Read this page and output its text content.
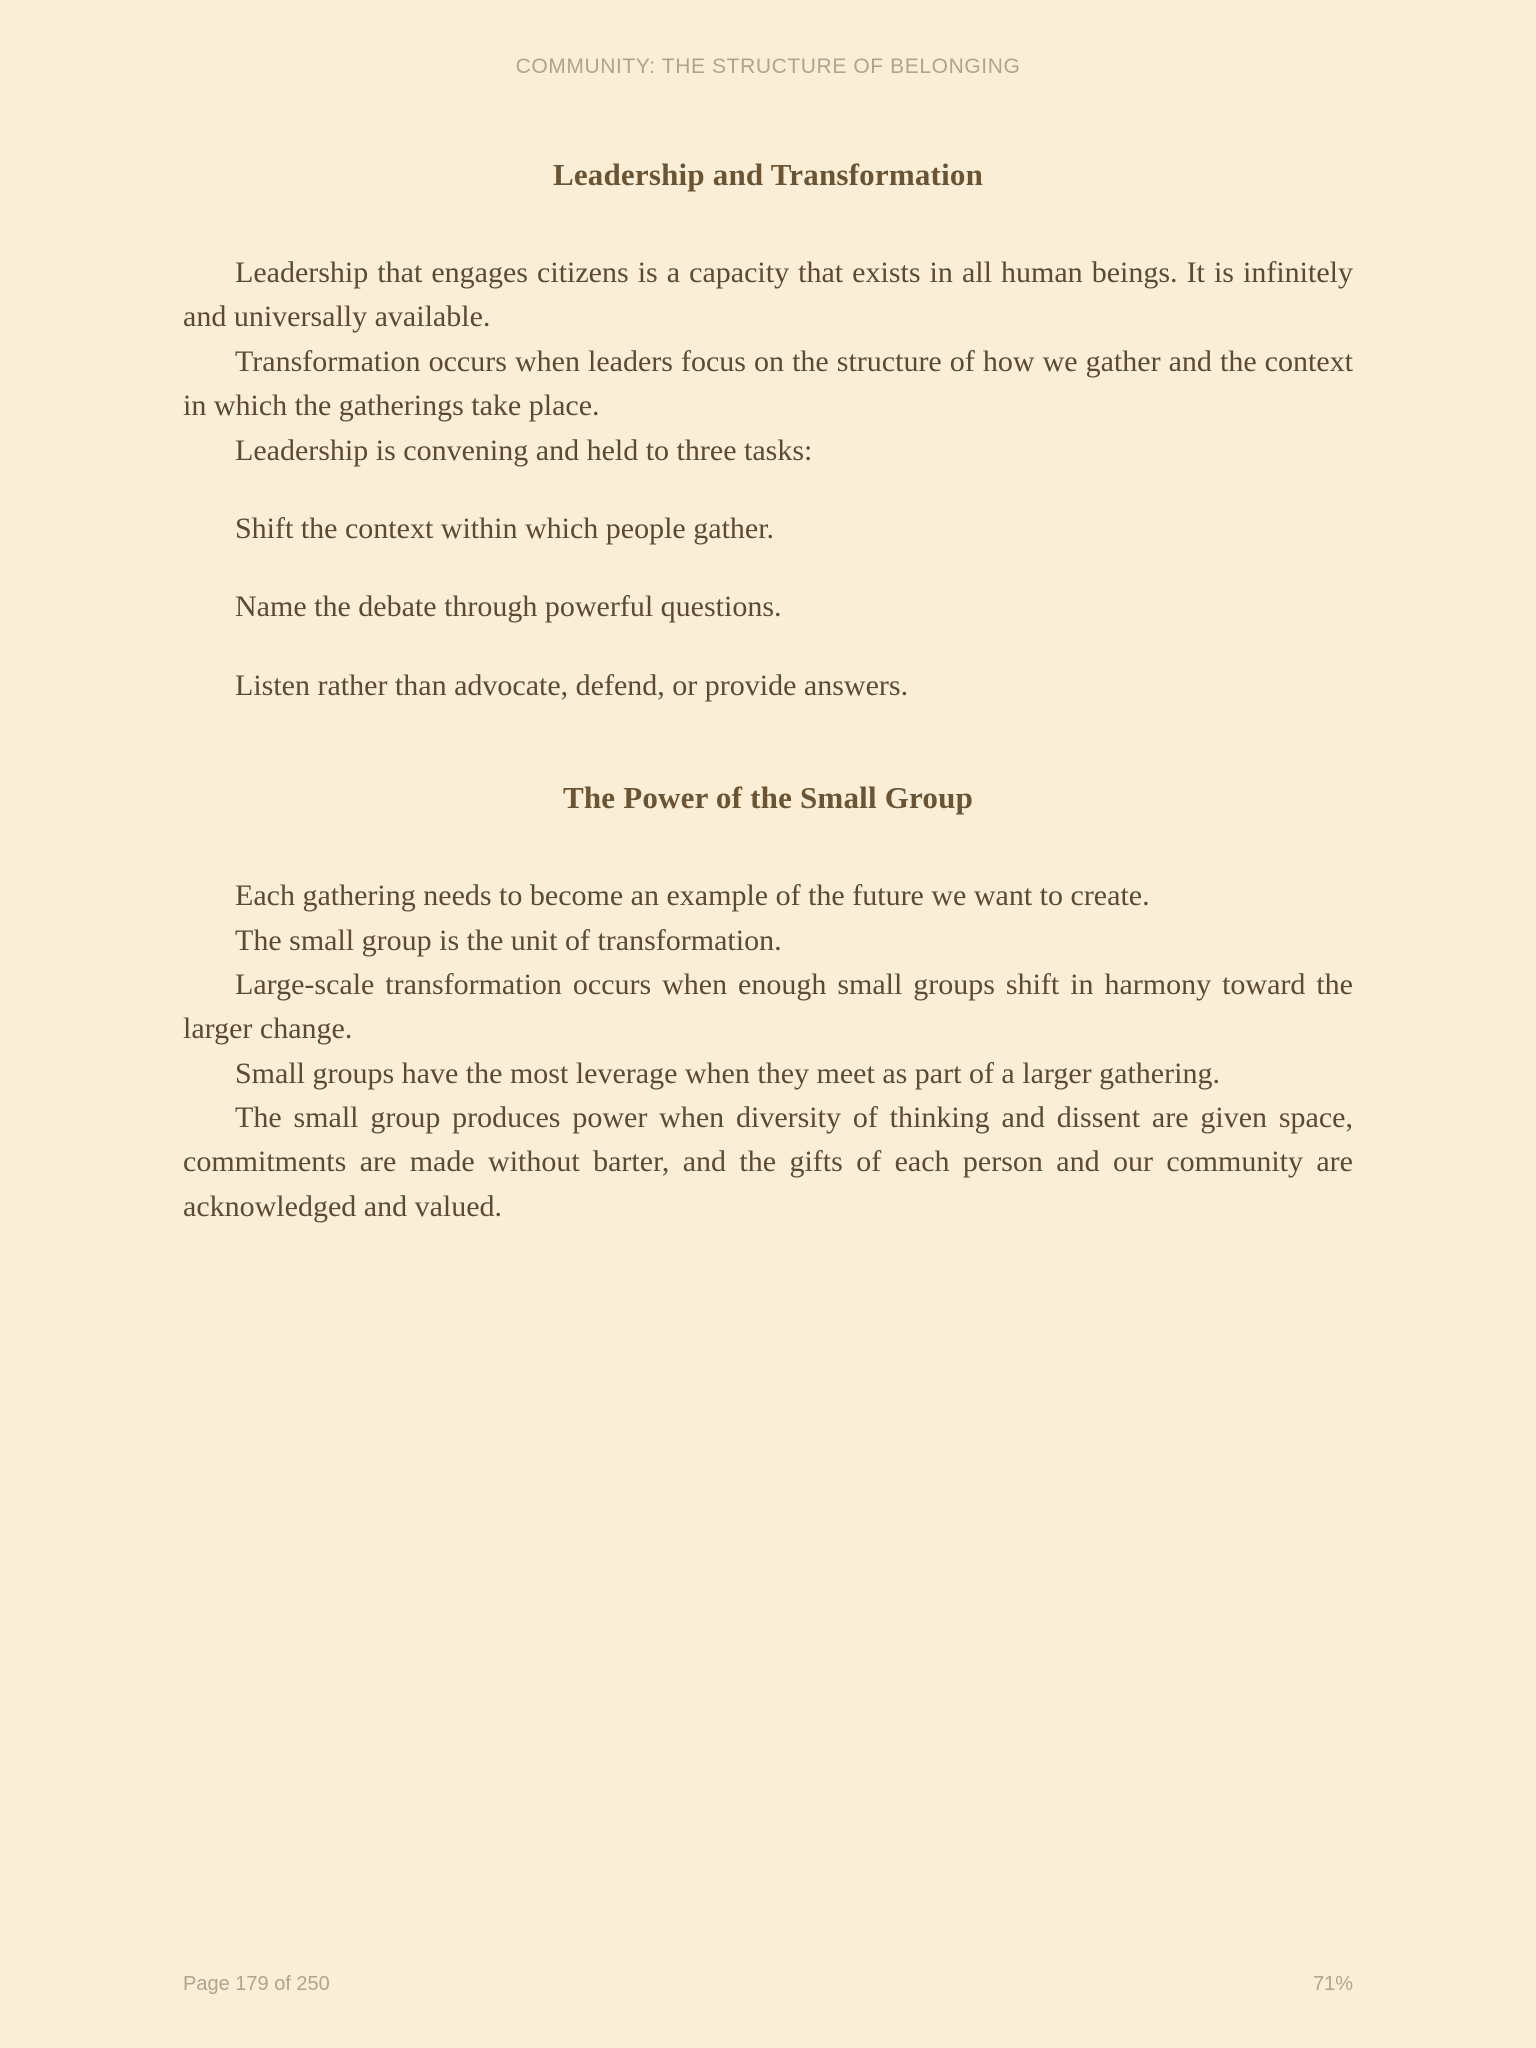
COMMUNITY: THE STRUCTURE OF BELONGING
Leadership and Transformation

Leadership that engages citizens is a capacity that exists in all human beings. It is infinitely and universally available.

Transformation occurs when leaders focus on the structure of how we gather and the context in which the gatherings take place.

Leadership is convening and held to three tasks:

Shift the context within which people gather.

Name the debate through powerful questions.

Listen rather than advocate, defend, or provide answers.

The Power of the Small Group

Each gathering needs to become an example of the future we want to create.

The small group is the unit of transformation.

Large-scale transformation occurs when enough small groups shift in harmony toward the larger change.

Small groups have the most leverage when they meet as part of a larger gathering.

The small group produces power when diversity of thinking and dissent are given space, commitments are made without barter, and the gifts of each person and our community are acknowledged and valued.

Page 179 of 250	71%
